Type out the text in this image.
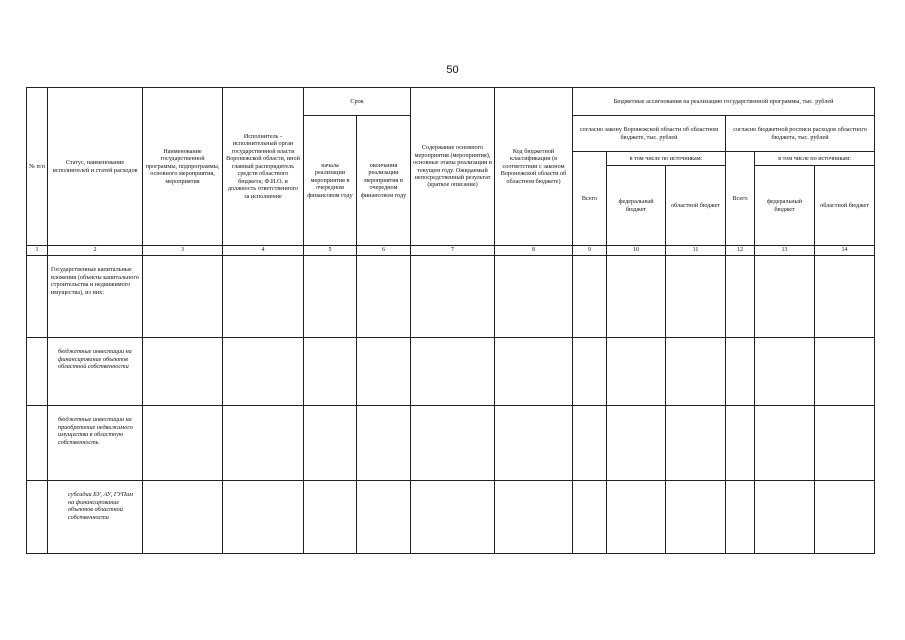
50
№ п/п	Статус, наименование исполнителей и статей расходов	Наименование государственной программы, подпрограммы, основного мероприятия, мероприятия	Исполнитель - исполнительный орган государственной власти Воронежской области, иной главный распорядитель средств областного бюджета; Ф.И.О. и должность ответственного за исполнение	Срок		Содержание основного мероприятия (мероприятия), основные этапы реализации в текущем году. Ожидаемый непосредственный результат (краткое описание)	Код бюджетной классификации (в соответствии с законом Воронежской области об областном бюджете)	Бюджетные ассигнования на реализацию государственной программы, тыс. рублей					
				начала реализации мероприятия в очередном финансовом году	окончания реализации мероприятия в очередном финансовом году			согласно закону Воронежской области об областном бюджете, тыс. рублей			согласно бюджетной росписи расходов областного бюджета, тыс. рублей		
								Всего	в том числе по источникам:		Всего	в том числе по источникам:	
									федеральный бюджет	областной бюджет		федеральный бюджет	областной бюджет
1	2	3	4	5	6	7	8	9	10	11	12	13	14
	Государственные капитальные вложения (объекты капитального строительства и недвижимого имущества), из них:												
	бюджетные инвестиции на финансирование объектов областной собственности												
	бюджетные инвестиции на приобретение недвижимого имущества в областную собственность												
	субсидии БУ, АУ, ГУПам на финансирование объектов областной собственности												
